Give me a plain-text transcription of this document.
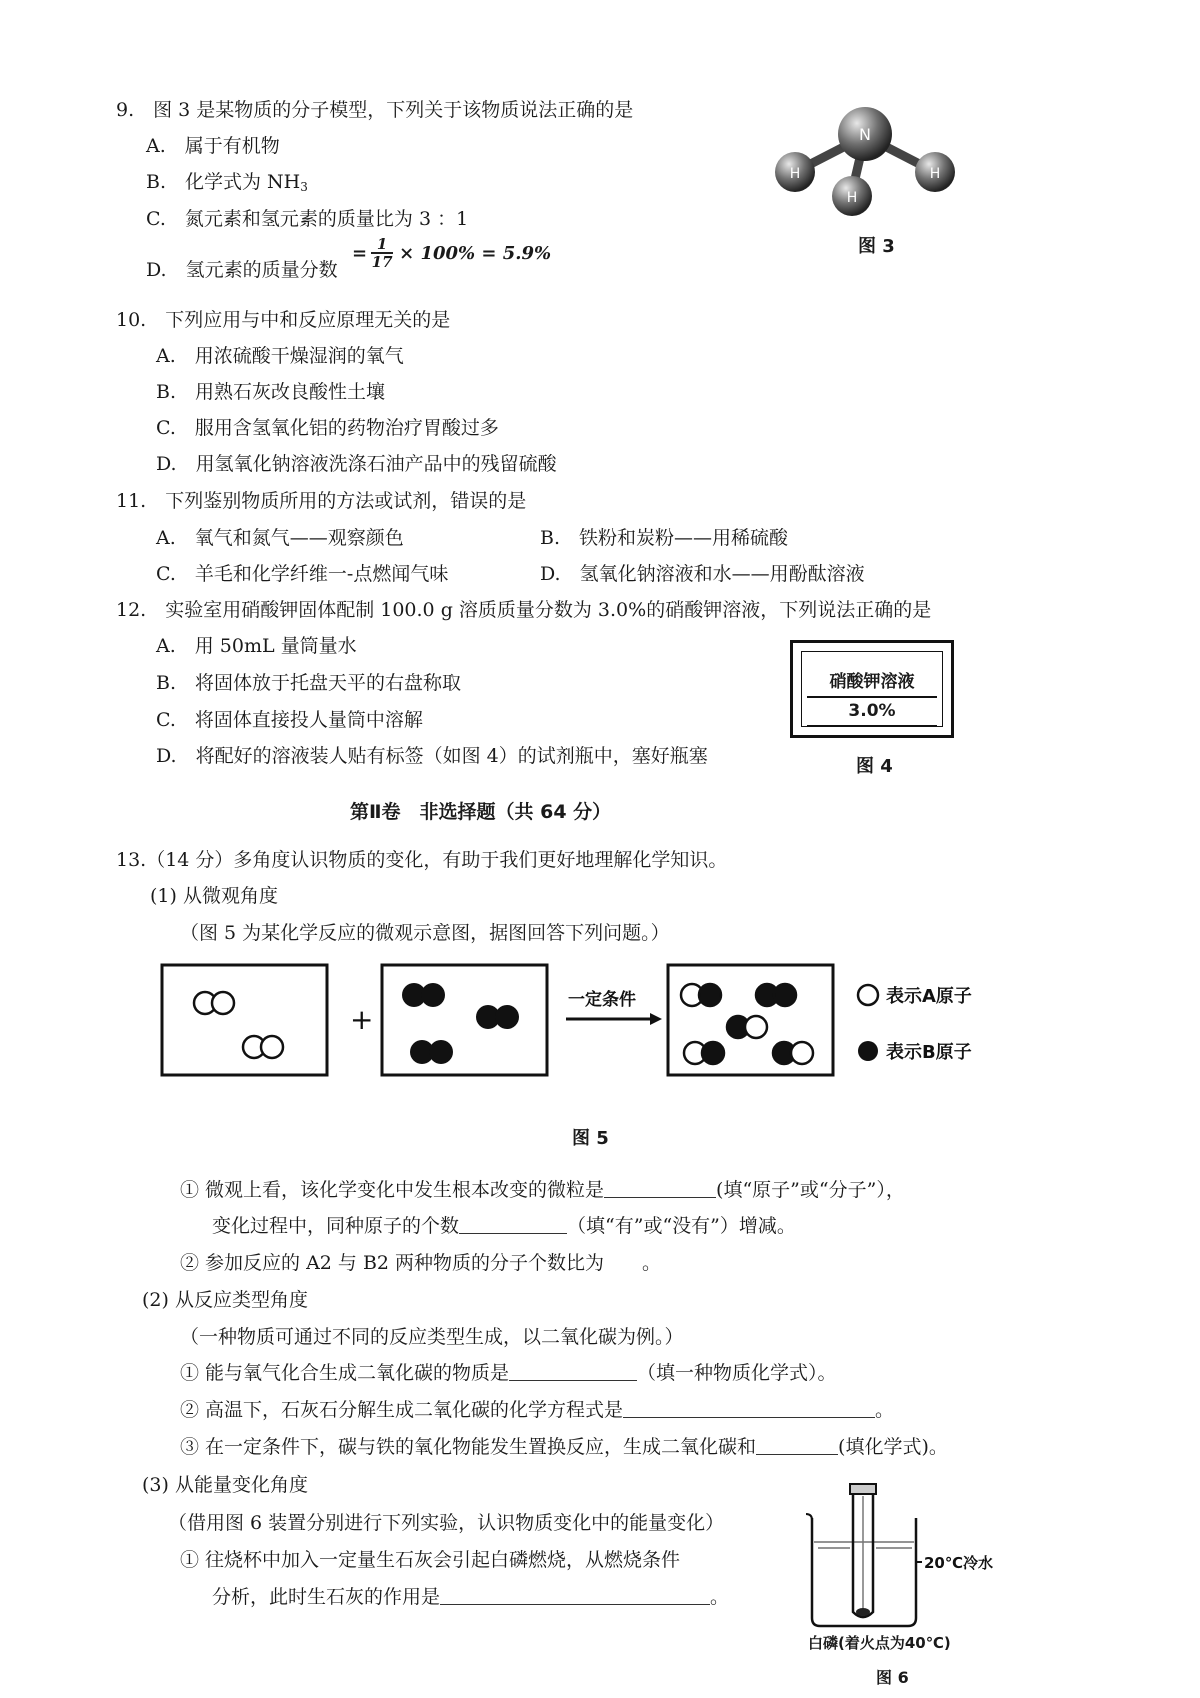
9.　图 3 是某物质的分子模型，下列关于该物质说法正确的是
A.　属于有机物
B.　化学式为 $NH_3$
C.　氮元素和氢元素的质量比为 3 ：1
D.　氢元素的质量分数
= 1
17 × 100% = 5.9%
N
H	H
H
图 3
10.　下列应用与中和反应原理无关的是
A.　用浓硫酸干燥湿润的氧气
B.　用熟石灰改良酸性土壤
C.　服用含氢氧化铝的药物治疗胃酸过多
D.　用氢氧化钠溶液洗涤石油产品中的残留硫酸
11.　下列鉴别物质所用的方法或试剂，错误的是
A.　氧气和氮气——观察颜色	B.　铁粉和炭粉——用稀硫酸
C.　羊毛和化学纤维一-点燃闻气味	D.　氢氧化钠溶液和水——用酚酞溶液
12.　实验室用硝酸钾固体配制 100.0 g 溶质质量分数为 3.0%的硝酸钾溶液，下列说法正确的是
A.　用 50mL 量筒量水
B.　将固体放于托盘天平的右盘称取
C.　将固体直接投人量筒中溶解
D.　将配好的溶液装人贴有标签（如图 4）的试剂瓶中，塞好瓶塞
硝酸钾溶液
3.0%
图 4
第Ⅱ卷　非选择题（共 64 分）
13.（14 分）多角度认识物质的变化，有助于我们更好地理解化学知识。
(1) 从微观角度
（图 5 为某化学反应的微观示意图，据图回答下列问题。）
+
一定条件	表示A原子
表示B原子
图 5
① 微观上看，该化学变化中发生根本改变的微粒是	(填“原子”或“分子”），
变化过程中，同种原子的个数	（填“有”或“没有”）增减。
② 参加反应的 A2 与 B2 两种物质的分子个数比为　　。
(2) 从反应类型角度
（一种物质可通过不同的反应类型生成，以二氧化碳为例。）
① 能与氧气化合生成二氧化碳的物质是	（填一种物质化学式）。
② 高温下，石灰石分解生成二氧化碳的化学方程式是	。
③ 在一定条件下，碳与铁的氧化物能发生置换反应，生成二氧化碳和	(填化学式)。
(3) 从能量变化角度
（借用图 6 装置分别进行下列实验，认识物质变化中的能量变化）
① 往烧杯中加入一定量生石灰会引起白磷燃烧，从燃烧条件
分析，此时生石灰的作用是	。
20℃冷水
白磷(着火点为40℃)
图 6
